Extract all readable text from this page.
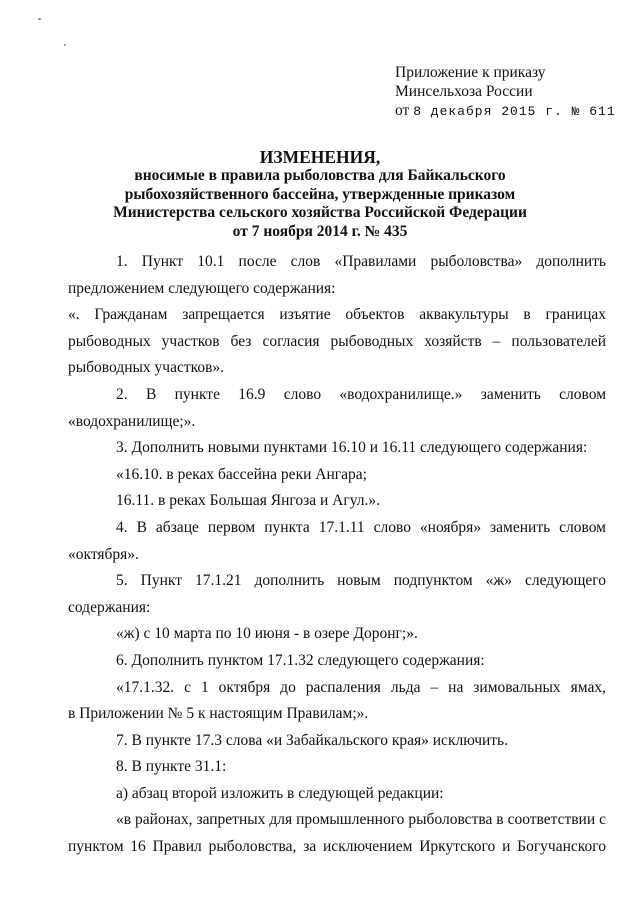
Приложение к приказу
Минсельхоза России
от 8 декабря 2015 г. № 611
ИЗМЕНЕНИЯ,
вносимые в правила рыболовства для Байкальского
рыбохозяйственного бассейна, утвержденные приказом
Министерства сельского хозяйства Российской Федерации
от 7 ноября 2014 г. № 435
1. Пункт 10.1 после слов «Правилами рыболовства» дополнить
предложением следующего содержания:
«. Гражданам запрещается изъятие объектов аквакультуры в границах
рыбоводных участков без согласия рыбоводных хозяйств – пользователей
рыбоводных участков».
2. В пункте 16.9 слово «водохранилище.» заменить словом
«водохранилище;».
3. Дополнить новыми пунктами 16.10 и 16.11 следующего содержания:
«16.10. в реках бассейна реки Ангара;
16.11. в реках Большая Янгоза и Агул.».
4. В абзаце первом пункта 17.1.11 слово «ноября» заменить словом
«октября».
5. Пункт 17.1.21 дополнить новым подпунктом «ж» следующего
содержания:
«ж) с 10 марта по 10 июня - в озере Доронг;».
6. Дополнить пунктом 17.1.32 следующего содержания:
«17.1.32. с 1 октября до распаления льда – на зимовальных ямах,
в Приложении № 5 к настоящим Правилам;».
7. В пункте 17.3 слова «и Забайкальского края» исключить.
8. В пункте 31.1:
а) абзац второй изложить в следующей редакции:
«в районах, запретных для промышленного рыболовства в соответствии с
пунктом 16 Правил рыболовства, за исключением Иркутского и Богучанского
